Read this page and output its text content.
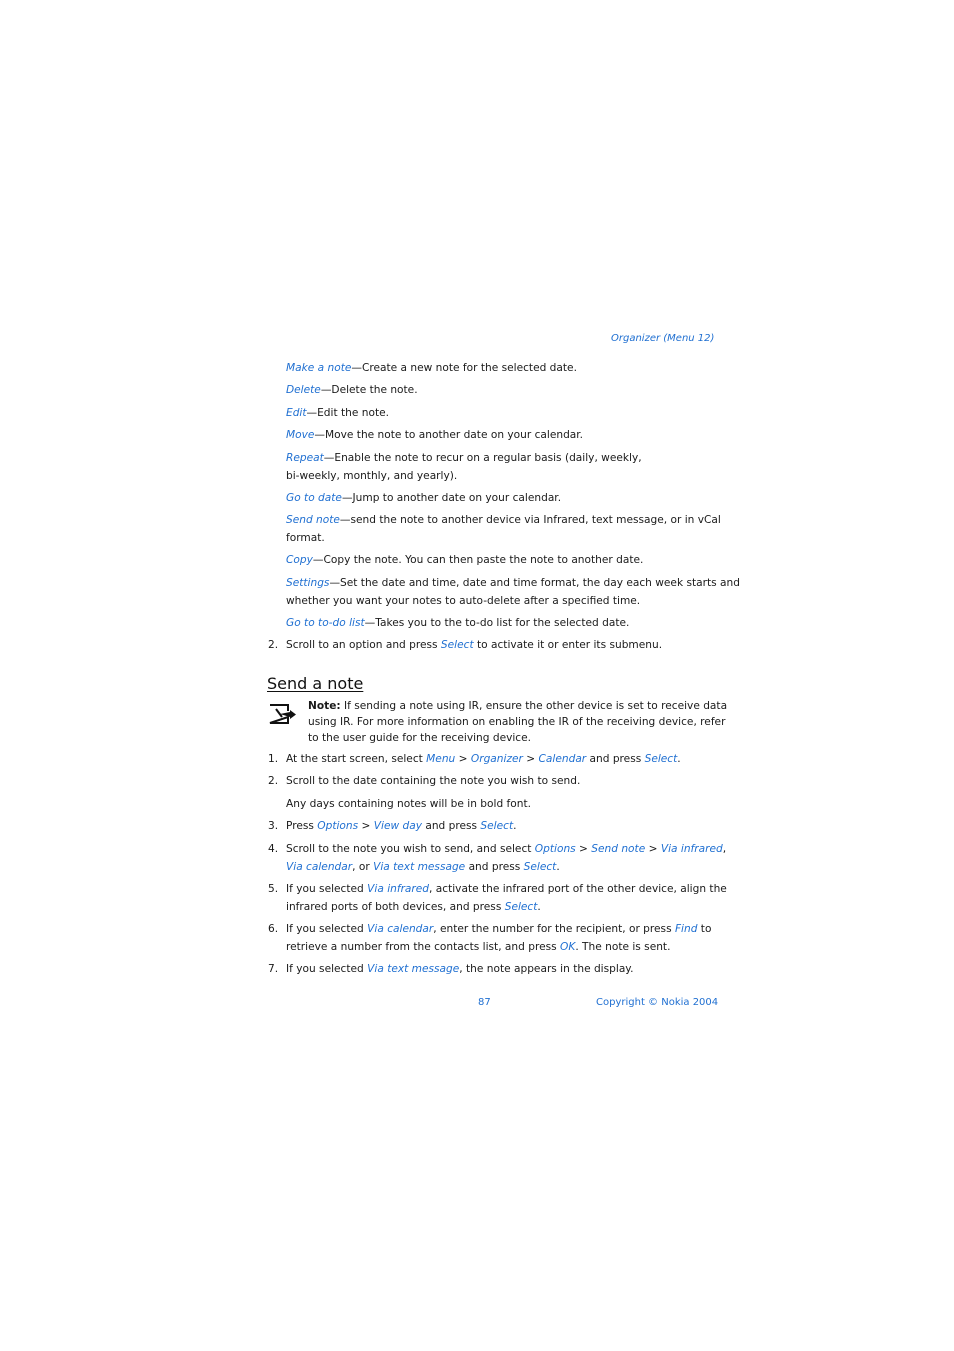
Organizer (Menu 12)
Make a note—Create a new note for the selected date.
Delete—Delete the note.
Edit—Edit the note.
Move—Move the note to another date on your calendar.
Repeat—Enable the note to recur on a regular basis (daily, weekly,
bi-weekly, monthly, and yearly).
Go to date—Jump to another date on your calendar.
Send note—send the note to another device via Infrared, text message, or in vCal
format.
Copy—Copy the note. You can then paste the note to another date.
Settings—Set the date and time, date and time format, the day each week starts and
whether you want your notes to auto-delete after a specified time.
Go to to-do list—Takes you to the to-do list for the selected date.
2. Scroll to an option and press Select to activate it or enter its submenu.
Send a note
Note: If sending a note using IR, ensure the other device is set to receive data
using IR. For more information on enabling the IR of the receiving device, refer
to the user guide for the receiving device.
1. At the start screen, select Menu > Organizer > Calendar and press Select.
2. Scroll to the date containing the note you wish to send.
Any days containing notes will be in bold font.
3. Press Options > View day and press Select.
4. Scroll to the note you wish to send, and select Options > Send note > Via infrared,
Via calendar, or Via text message and press Select.
5. If you selected Via infrared, activate the infrared port of the other device, align the
infrared ports of both devices, and press Select.
6. If you selected Via calendar, enter the number for the recipient, or press Find to
retrieve a number from the contacts list, and press OK. The note is sent.
7. If you selected Via text message, the note appears in the display.
87	Copyright © Nokia 2004
